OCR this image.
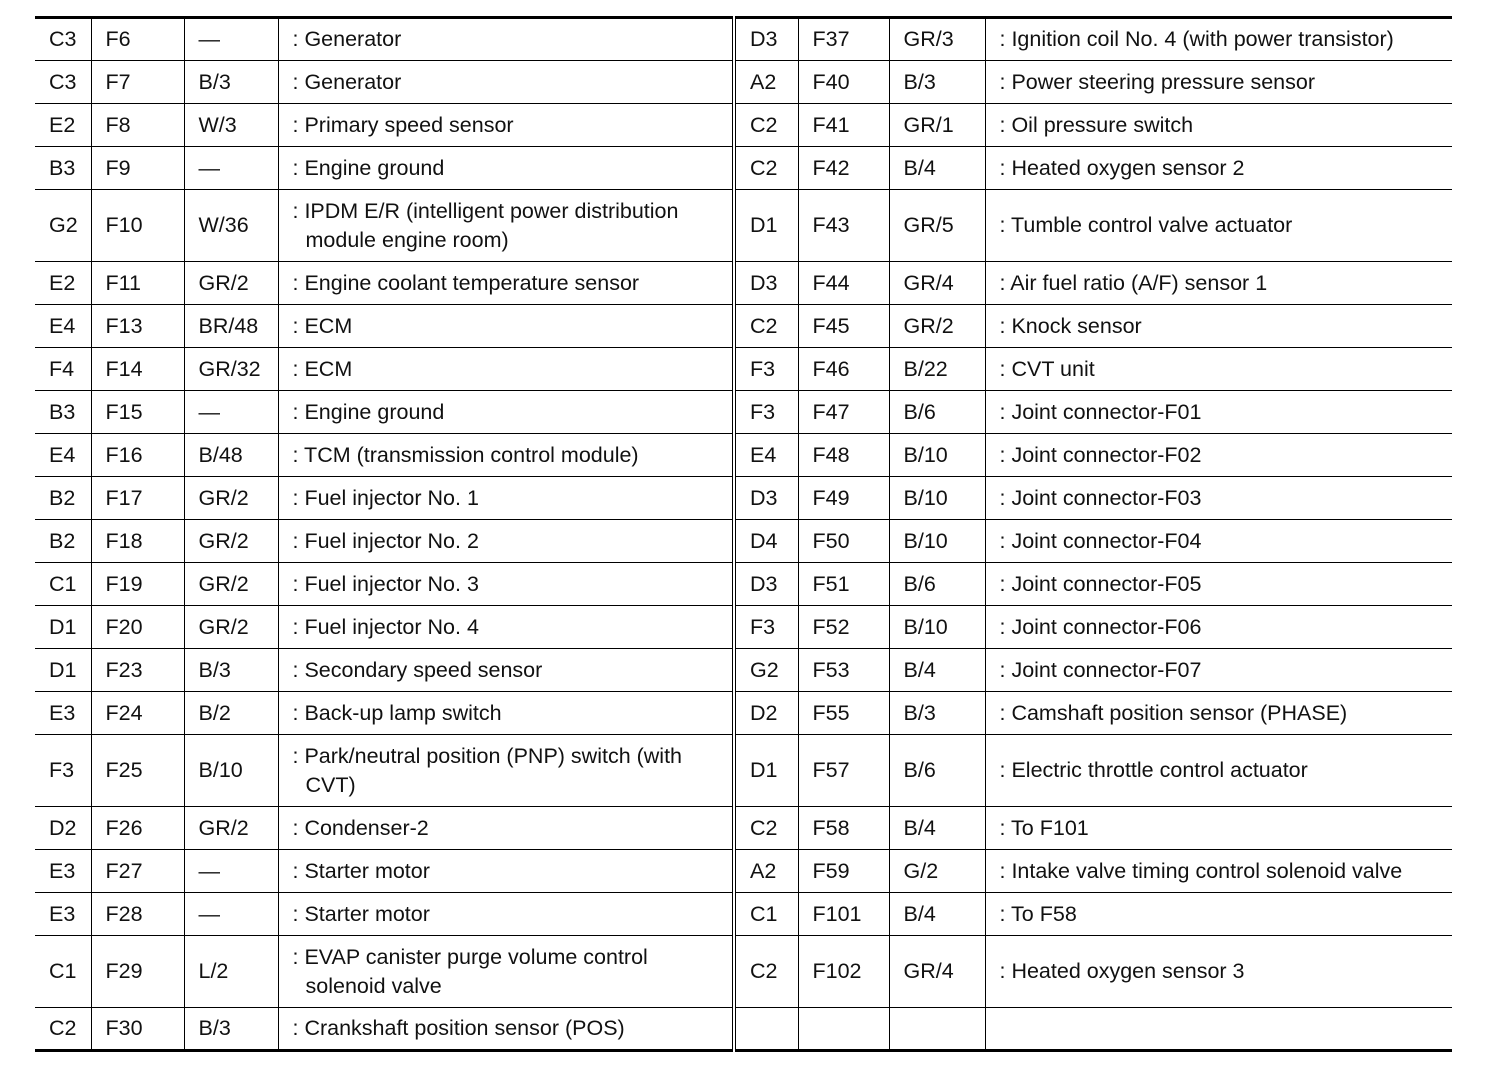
C3	F6	—	: Generator	D3	F37	GR/3	: Ignition coil No. 4 (with power transistor)
C3	F7	B/3	: Generator	A2	F40	B/3	: Power steering pressure sensor
E2	F8	W/3	: Primary speed sensor	C2	F41	GR/1	: Oil pressure switch
B3	F9	—	: Engine ground	C2	F42	B/4	: Heated oxygen sensor 2
G2	F10	W/36	: IPDM E/R (intelligent power distribution module engine room)	D1	F43	GR/5	: Tumble control valve actuator
E2	F11	GR/2	: Engine coolant temperature sensor	D3	F44	GR/4	: Air fuel ratio (A/F) sensor 1
E4	F13	BR/48	: ECM	C2	F45	GR/2	: Knock sensor
F4	F14	GR/32	: ECM	F3	F46	B/22	: CVT unit
B3	F15	—	: Engine ground	F3	F47	B/6	: Joint connector-F01
E4	F16	B/48	: TCM (transmission control module)	E4	F48	B/10	: Joint connector-F02
B2	F17	GR/2	: Fuel injector No. 1	D3	F49	B/10	: Joint connector-F03
B2	F18	GR/2	: Fuel injector No. 2	D4	F50	B/10	: Joint connector-F04
C1	F19	GR/2	: Fuel injector No. 3	D3	F51	B/6	: Joint connector-F05
D1	F20	GR/2	: Fuel injector No. 4	F3	F52	B/10	: Joint connector-F06
D1	F23	B/3	: Secondary speed sensor	G2	F53	B/4	: Joint connector-F07
E3	F24	B/2	: Back-up lamp switch	D2	F55	B/3	: Camshaft position sensor (PHASE)
F3	F25	B/10	: Park/neutral position (PNP) switch (with CVT)	D1	F57	B/6	: Electric throttle control actuator
D2	F26	GR/2	: Condenser-2	C2	F58	B/4	: To F101
E3	F27	—	: Starter motor	A2	F59	G/2	: Intake valve timing control solenoid valve
E3	F28	—	: Starter motor	C1	F101	B/4	: To F58
C1	F29	L/2	: EVAP canister purge volume control solenoid valve	C2	F102	GR/4	: Heated oxygen sensor 3
C2	F30	B/3	: Crankshaft position sensor (POS)				
